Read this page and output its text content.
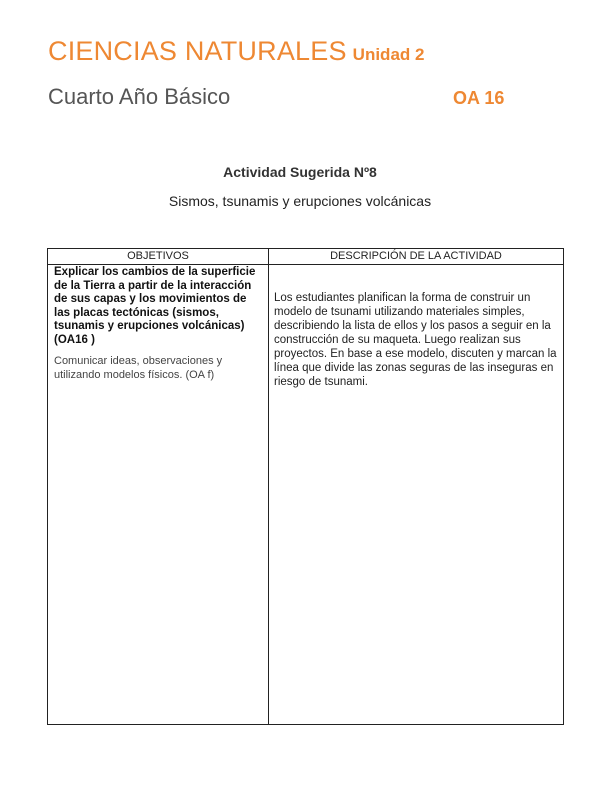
CIENCIAS NATURALES Unidad 2
Cuarto Año Básico	OA 16
Actividad Sugerida Nº8
Sismos, tsunamis y erupciones volcánicas
OBJETIVOS	DESCRIPCIÓN DE LA ACTIVIDAD

Explicar los cambios de la superficie de la Tierra a partir de la interacción de sus capas y los movimientos de las placas tectónicas (sismos, tsunamis y erupciones volcánicas) (OA16 )

Comunicar ideas, observaciones y utilizando modelos físicos. (OA f)

Los estudiantes planifican la forma de construir un modelo de tsunami utilizando materiales simples, describiendo la lista de ellos y los pasos a seguir en la construcción de su maqueta. Luego realizan sus proyectos. En base a ese modelo, discuten y marcan la línea que divide las zonas seguras de las inseguras en riesgo de tsunami.
